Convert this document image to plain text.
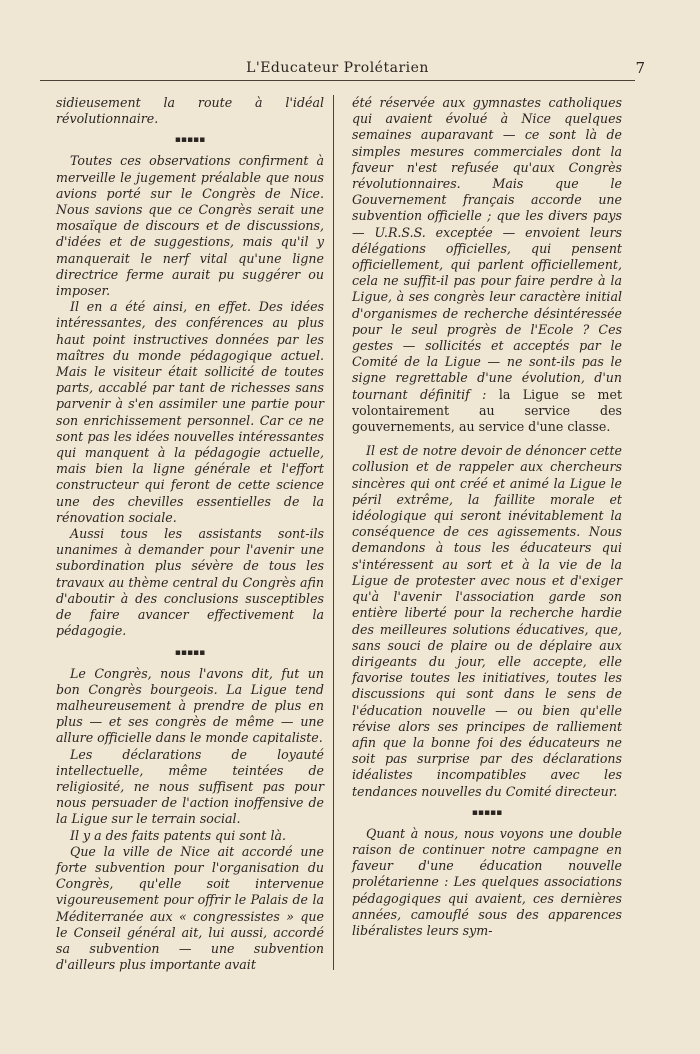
L'Educateur Prolétarien	7

sidieusement la route à l'idéal révolutionnaire.

▪▪▪▪▪

Toutes ces observations confirment à merveille le jugement préalable que nous avions porté sur le Congrès de Nice. Nous savions que ce Congrès serait une mosaïque de discours et de discussions, d'idées et de suggestions, mais qu'il y manquerait le nerf vital qu'une ligne directrice ferme aurait pu suggérer ou imposer.

Il en a été ainsi, en effet. Des idées intéressantes, des conférences au plus haut point instructives données par les maîtres du monde pédagogique actuel. Mais le visiteur était sollicité de toutes parts, accablé par tant de richesses sans parvenir à s'en assimiler une partie pour son enrichissement personnel. Car ce ne sont pas les idées nouvelles intéressantes qui manquent à la pédagogie actuelle, mais bien la ligne générale et l'effort constructeur qui feront de cette science une des chevilles essentielles de la rénovation sociale.

Aussi tous les assistants sont-ils unanimes à demander pour l'avenir une subordination plus sévère de tous les travaux au thème central du Congrès afin d'aboutir à des conclusions susceptibles de faire avancer effectivement la pédagogie.

▪▪▪▪▪

Le Congrès, nous l'avons dit, fut un bon Congrès bourgeois. La Ligue tend malheureusement à prendre de plus en plus — et ses congrès de même — une allure officielle dans le monde capitaliste.

Les déclarations de loyauté intellectuelle, même teintées de religiosité, ne nous suffisent pas pour nous persuader de l'action inoffensive de la Ligue sur le terrain social.

Il y a des faits patents qui sont là.

Que la ville de Nice ait accordé une forte subvention pour l'organisation du Congrès, qu'elle soit intervenue vigoureusement pour offrir le Palais de la Méditerranée aux « congressistes » que le Conseil général ait, lui aussi, accordé sa subvention — une subvention d'ailleurs plus importante avait

été réservée aux gymnastes catholiques qui avaient évolué à Nice quelques semaines auparavant — ce sont là de simples mesures commerciales dont la faveur n'est refusée qu'aux Congrès révolutionnaires. Mais que le Gouvernement français accorde une subvention officielle ; que les divers pays — U.R.S.S. exceptée — envoient leurs délégations officielles, qui pensent officiellement, qui parlent officiellement, cela ne suffit-il pas pour faire perdre à la Ligue, à ses congrès leur caractère initial d'organismes de recherche désintéressée pour le seul progrès de l'Ecole ? Ces gestes — sollicités et acceptés par le Comité de la Ligue — ne sont-ils pas le signe regrettable d'une évolution, d'un tournant définitif : la Ligue se met volontairement au service des gouvernements, au service d'une classe.

Il est de notre devoir de dénoncer cette collusion et de rappeler aux chercheurs sincères qui ont créé et animé la Ligue le péril extrême, la faillite morale et idéologique qui seront inévitablement la conséquence de ces agissements. Nous demandons à tous les éducateurs qui s'intéressent au sort et à la vie de la Ligue de protester avec nous et d'exiger qu'à l'avenir l'association garde son entière liberté pour la recherche hardie des meilleures solutions éducatives, que, sans souci de plaire ou de déplaire aux dirigeants du jour, elle accepte, elle favorise toutes les initiatives, toutes les discussions qui sont dans le sens de l'éducation nouvelle — ou bien qu'elle révise alors ses principes de ralliement afin que la bonne foi des éducateurs ne soit pas surprise par des déclarations idéalistes incompatibles avec les tendances nouvelles du Comité directeur.

▪▪▪▪▪

Quant à nous, nous voyons une double raison de continuer notre campagne en faveur d'une éducation nouvelle prolétarienne : Les quelques associations pédagogiques qui avaient, ces dernières années, camouflé sous des apparences libéralistes leurs sym-
